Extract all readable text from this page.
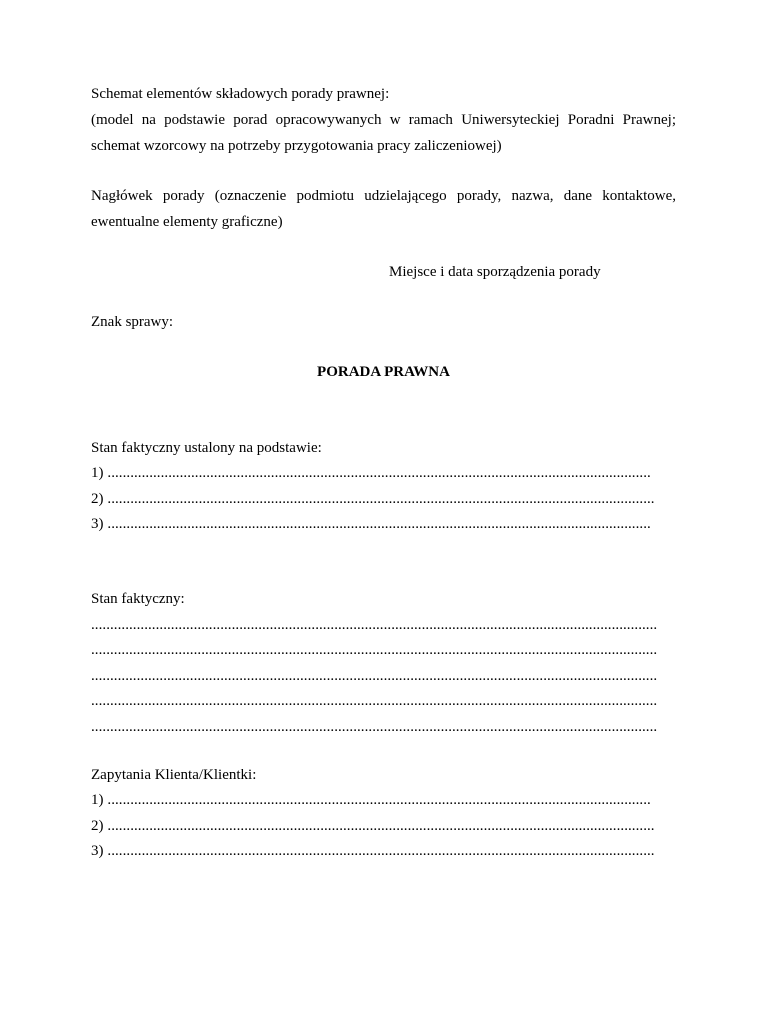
Schemat elementów składowych porady prawnej:
(model na podstawie porad opracowywanych w ramach Uniwersyteckiej Poradni Prawnej;
schemat wzorcowy na potrzeby przygotowania pracy zaliczeniowej)
Nagłówek porady (oznaczenie podmiotu udzielającego porady, nazwa, dane kontaktowe,
ewentualne elementy graficzne)
Miejsce i data sporządzenia porady
Znak sprawy:
PORADA PRAWNA
Stan faktyczny ustalony na podstawie:
1) ...............................................................................................................................................
2) ................................................................................................................................................
3) ...............................................................................................................................................
Stan faktyczny:
.....................................................................................................................................................
.....................................................................................................................................................
.....................................................................................................................................................
.....................................................................................................................................................
.....................................................................................................................................................
Zapytania Klienta/Klientki:
1) ...............................................................................................................................................
2) ................................................................................................................................................
3) ................................................................................................................................................
